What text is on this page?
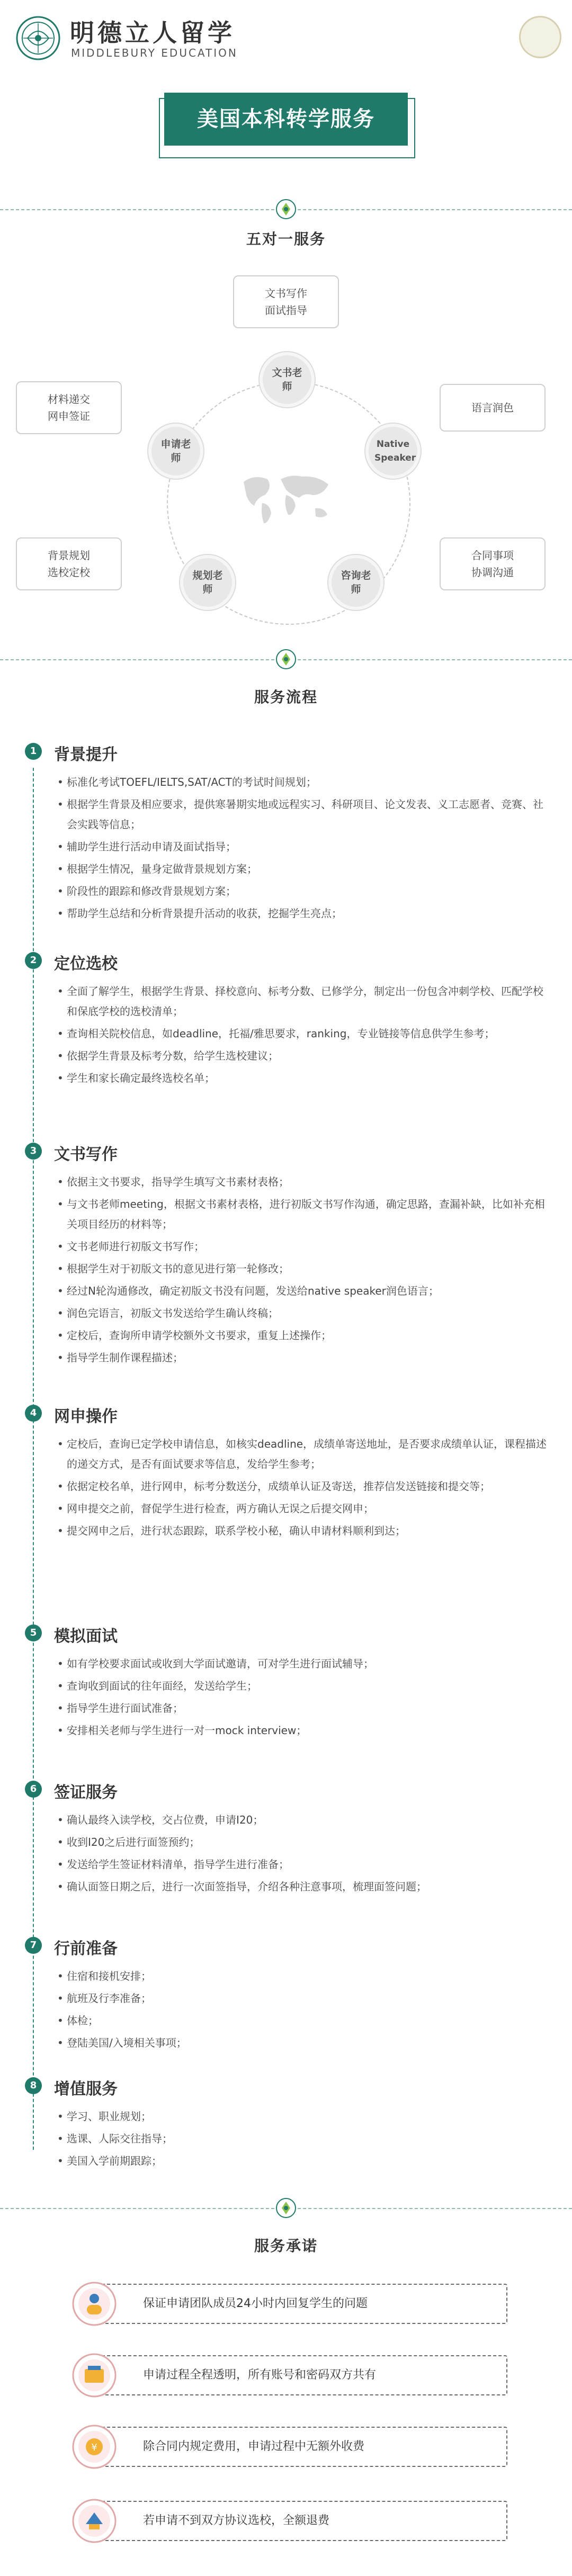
明德立人留学
MIDDLEBURY EDUCATION
美国本科转学服务
五对一服务
文书老师
Native Speaker
咨询老师
规划老师
申请老师
文书写作
面试指导
材料递交
网申签证
语言润色
背景规划
选校定校
合同事项
协调沟通
服务流程
1	背景提升
• 标准化考试TOEFL/IELTS,SAT/ACT的考试时间规划；
• 根据学生背景及相应要求，提供寒暑期实地或远程实习、科研项目、论文发表、义工志愿者、竞赛、社会实践等信息；
• 辅助学生进行活动申请及面试指导；
• 根据学生情况，量身定做背景规划方案；
• 阶段性的跟踪和修改背景规划方案；
• 帮助学生总结和分析背景提升活动的收获，挖掘学生亮点；
2	定位选校
• 全面了解学生，根据学生背景、择校意向、标考分数、已修学分，制定出一份包含冲刺学校、匹配学校和保底学校的选校清单；
• 查询相关院校信息，如deadline，托福/雅思要求，ranking，专业链接等信息供学生参考；
• 依据学生背景及标考分数，给学生选校建议；
• 学生和家长确定最终选校名单；
3	文书写作
• 依据主文书要求，指导学生填写文书素材表格；
• 与文书老师meeting，根据文书素材表格，进行初版文书写作沟通，确定思路，查漏补缺，比如补充相关项目经历的材料等；
• 文书老师进行初版文书写作；
• 根据学生对于初版文书的意见进行第一轮修改；
• 经过N轮沟通修改，确定初版文书没有问题，发送给native speaker润色语言；
• 润色完语言，初版文书发送给学生确认终稿；
• 定校后，查询所申请学校额外文书要求，重复上述操作；
• 指导学生制作课程描述；
4	网申操作
• 定校后，查询已定学校申请信息，如核实deadline，成绩单寄送地址，是否要求成绩单认证，课程描述的递交方式，是否有面试要求等信息，发给学生参考；
• 依据定校名单，进行网申，标考分数送分，成绩单认证及寄送，推荐信发送链接和提交等；
• 网申提交之前，督促学生进行检查，两方确认无误之后提交网申；
• 提交网申之后，进行状态跟踪，联系学校小秘，确认申请材料顺利到达；
5	模拟面试
• 如有学校要求面试或收到大学面试邀请，可对学生进行面试辅导；
• 查询收到面试的往年面经，发送给学生；
• 指导学生进行面试准备；
• 安排相关老师与学生进行一对一mock interview；
6	签证服务
• 确认最终入读学校，交占位费，申请I20；
• 收到I20之后进行面签预约；
• 发送给学生签证材料清单，指导学生进行准备；
• 确认面签日期之后，进行一次面签指导，介绍各种注意事项，梳理面签问题；
7	行前准备
• 住宿和接机安排；
• 航班及行李准备；
• 体检；
• 登陆美国/入境相关事项；
8	增值服务
• 学习、职业规划；
• 选课、人际交往指导；
• 美国入学前期跟踪；
服务承诺
保证申请团队成员24小时内回复学生的问题
申请过程全程透明，所有账号和密码双方共有
除合同内规定费用，申请过程中无额外收费
¥
若申请不到双方协议选校，全额退费
